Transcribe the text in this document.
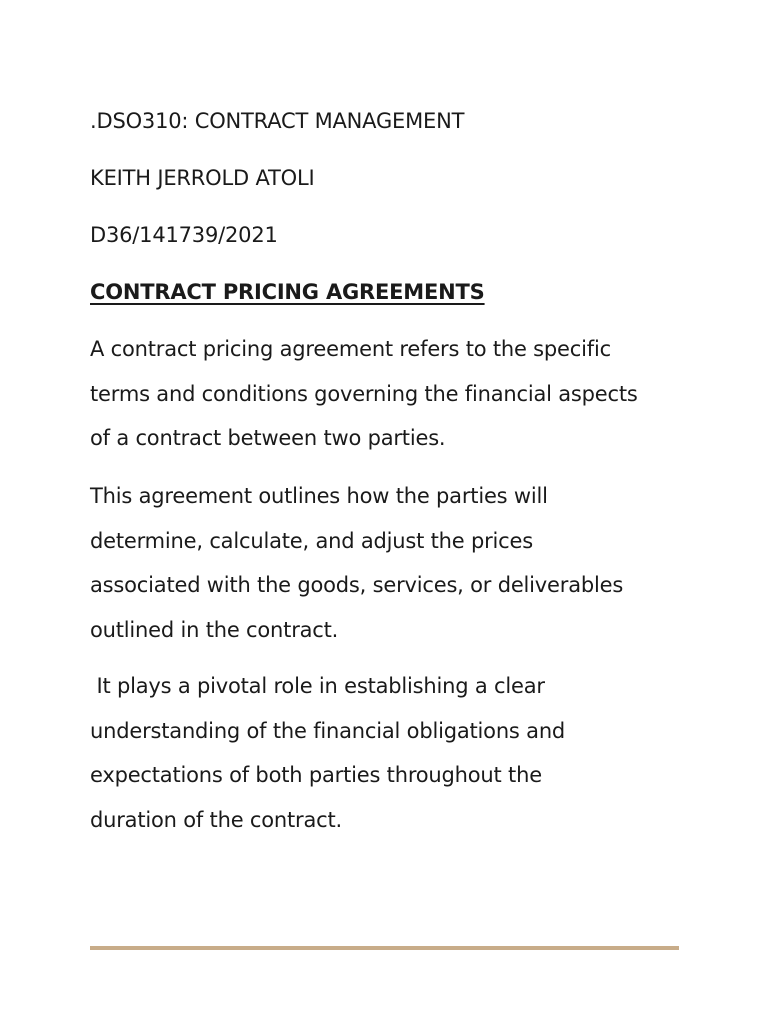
.DSO310: CONTRACT MANAGEMENT
KEITH JERROLD ATOLI
D36/141739/2021
CONTRACT PRICING AGREEMENTS
A contract pricing agreement refers to the specific
terms and conditions governing the financial aspects
of a contract between two parties.
This agreement outlines how the parties will
determine, calculate, and adjust the prices
associated with the goods, services, or deliverables
outlined in the contract.
It plays a pivotal role in establishing a clear
understanding of the financial obligations and
expectations of both parties throughout the
duration of the contract.
